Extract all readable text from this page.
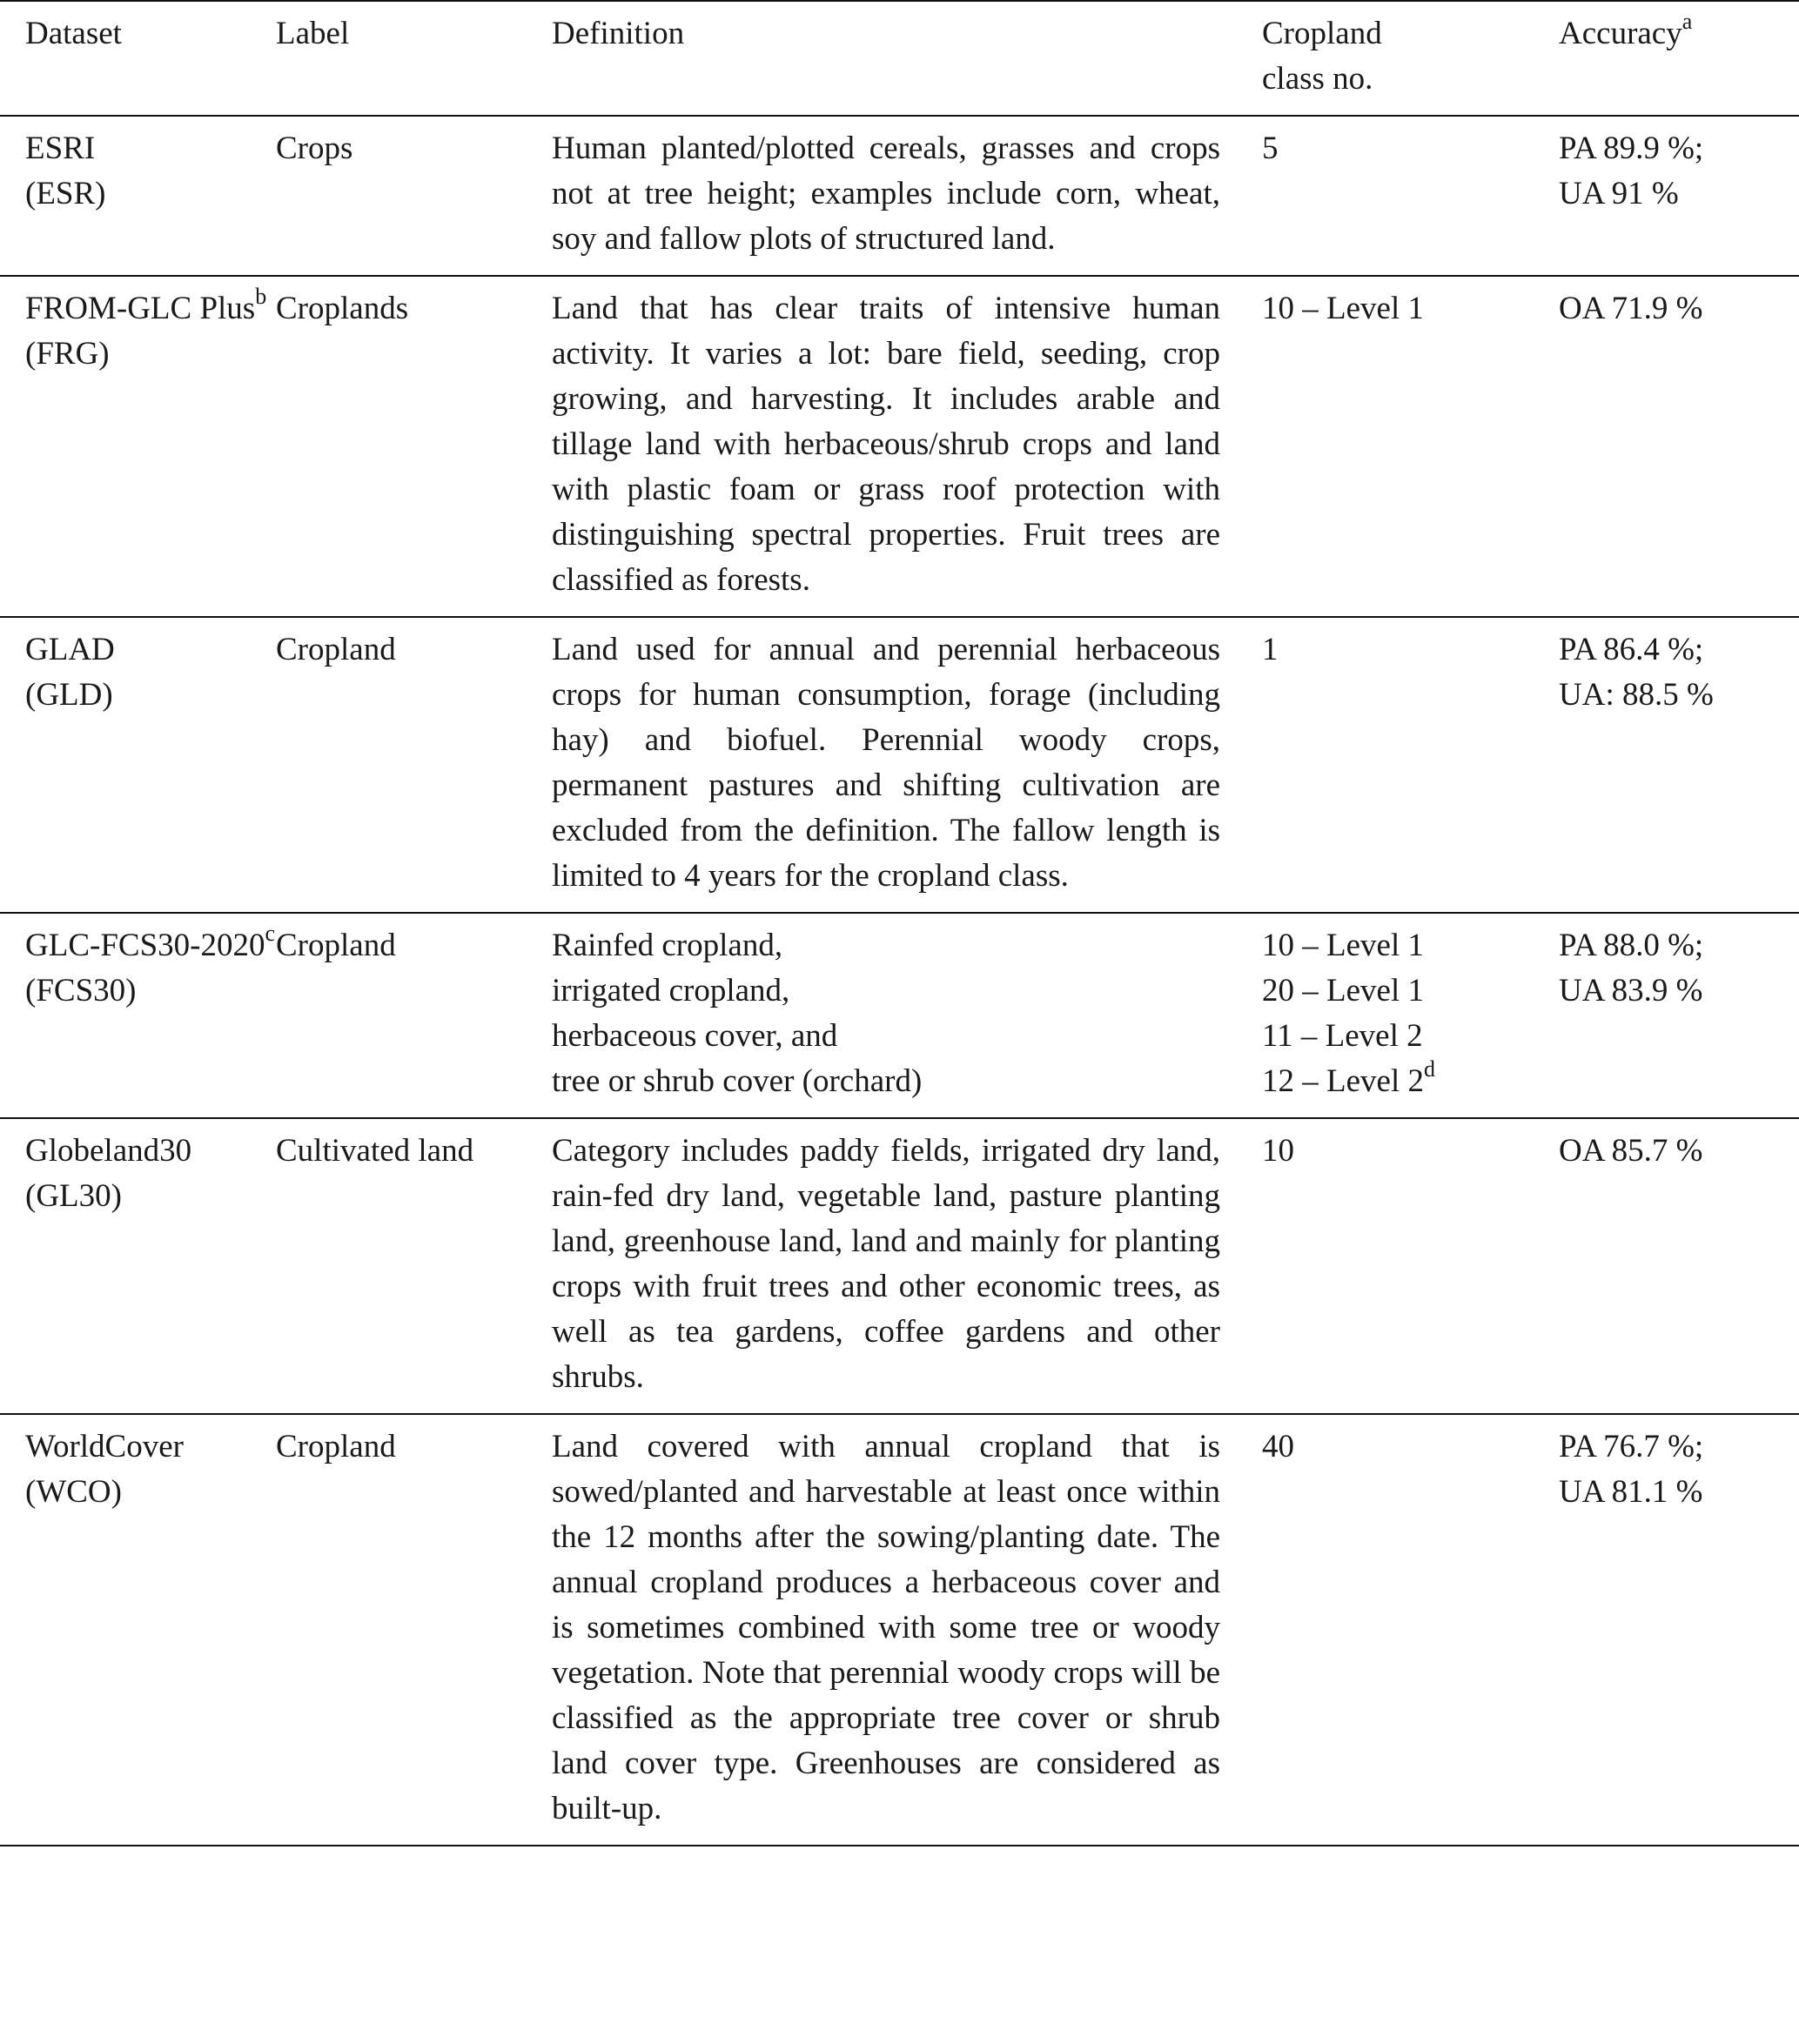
Dataset	Label	Definition	Cropland
class no.	Accuracy$^a$
ESRI
(ESR)	Crops	Human planted/plotted cereals, grasses and crops not at tree height; examples include corn, wheat, soy and fallow plots of structured land.	5	PA 89.9 %;
UA 91 %

FROM-GLC Plus$^b$
(FRG)	Croplands	Land that has clear traits of intensive human activity. It varies a lot: bare field, seeding, crop growing, and harvesting. It includes arable and tillage land with herbaceous/shrub crops and land with plastic foam or grass roof protection with distinguishing spectral properties. Fruit trees are classified as forests.	10 – Level 1	OA 71.9 %

GLAD
(GLD)	Cropland	Land used for annual and perennial herbaceous crops for human consumption, forage (including hay) and biofuel. Perennial woody crops, permanent pastures and shifting cultivation are excluded from the definition. The fallow length is limited to 4 years for the cropland class.	1	PA 86.4 %;
UA: 88.5 %

GLC-FCS30-2020$^c$
(FCS30)	Cropland	Rainfed cropland,
irrigated cropland,
herbaceous cover, and
tree or shrub cover (orchard)	10 – Level 1
20 – Level 1
11 – Level 2
12 – Level 2$^d$	PA 88.0 %;
UA 83.9 %

Globeland30
(GL30)	Cultivated land	Category includes paddy fields, irrigated dry land, rain-fed dry land, vegetable land, pasture planting land, greenhouse land, land and mainly for planting crops with fruit trees and other economic trees, as well as tea gardens, coffee gardens and other shrubs.	10	OA 85.7 %

WorldCover
(WCO)	Cropland	Land covered with annual cropland that is sowed/planted and harvestable at least once within the 12 months after the sowing/planting date. The annual cropland produces a herbaceous cover and is sometimes combined with some tree or woody vegetation. Note that perennial woody crops will be classified as the appropriate tree cover or shrub land cover type. Greenhouses are considered as built-up.	40	PA 76.7 %;
UA 81.1 %
